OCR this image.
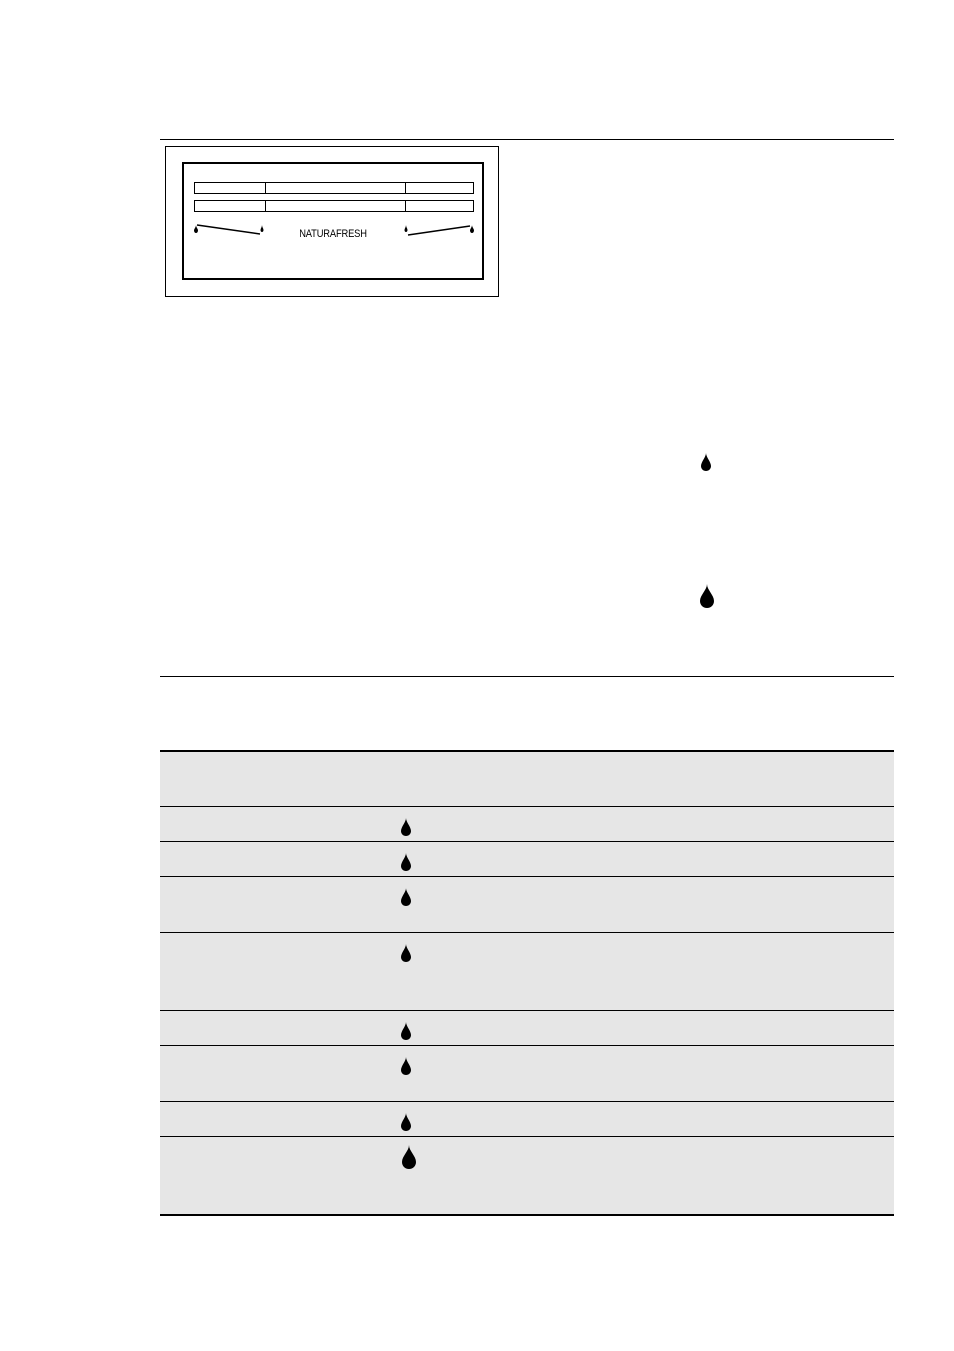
NATURAFRESH
